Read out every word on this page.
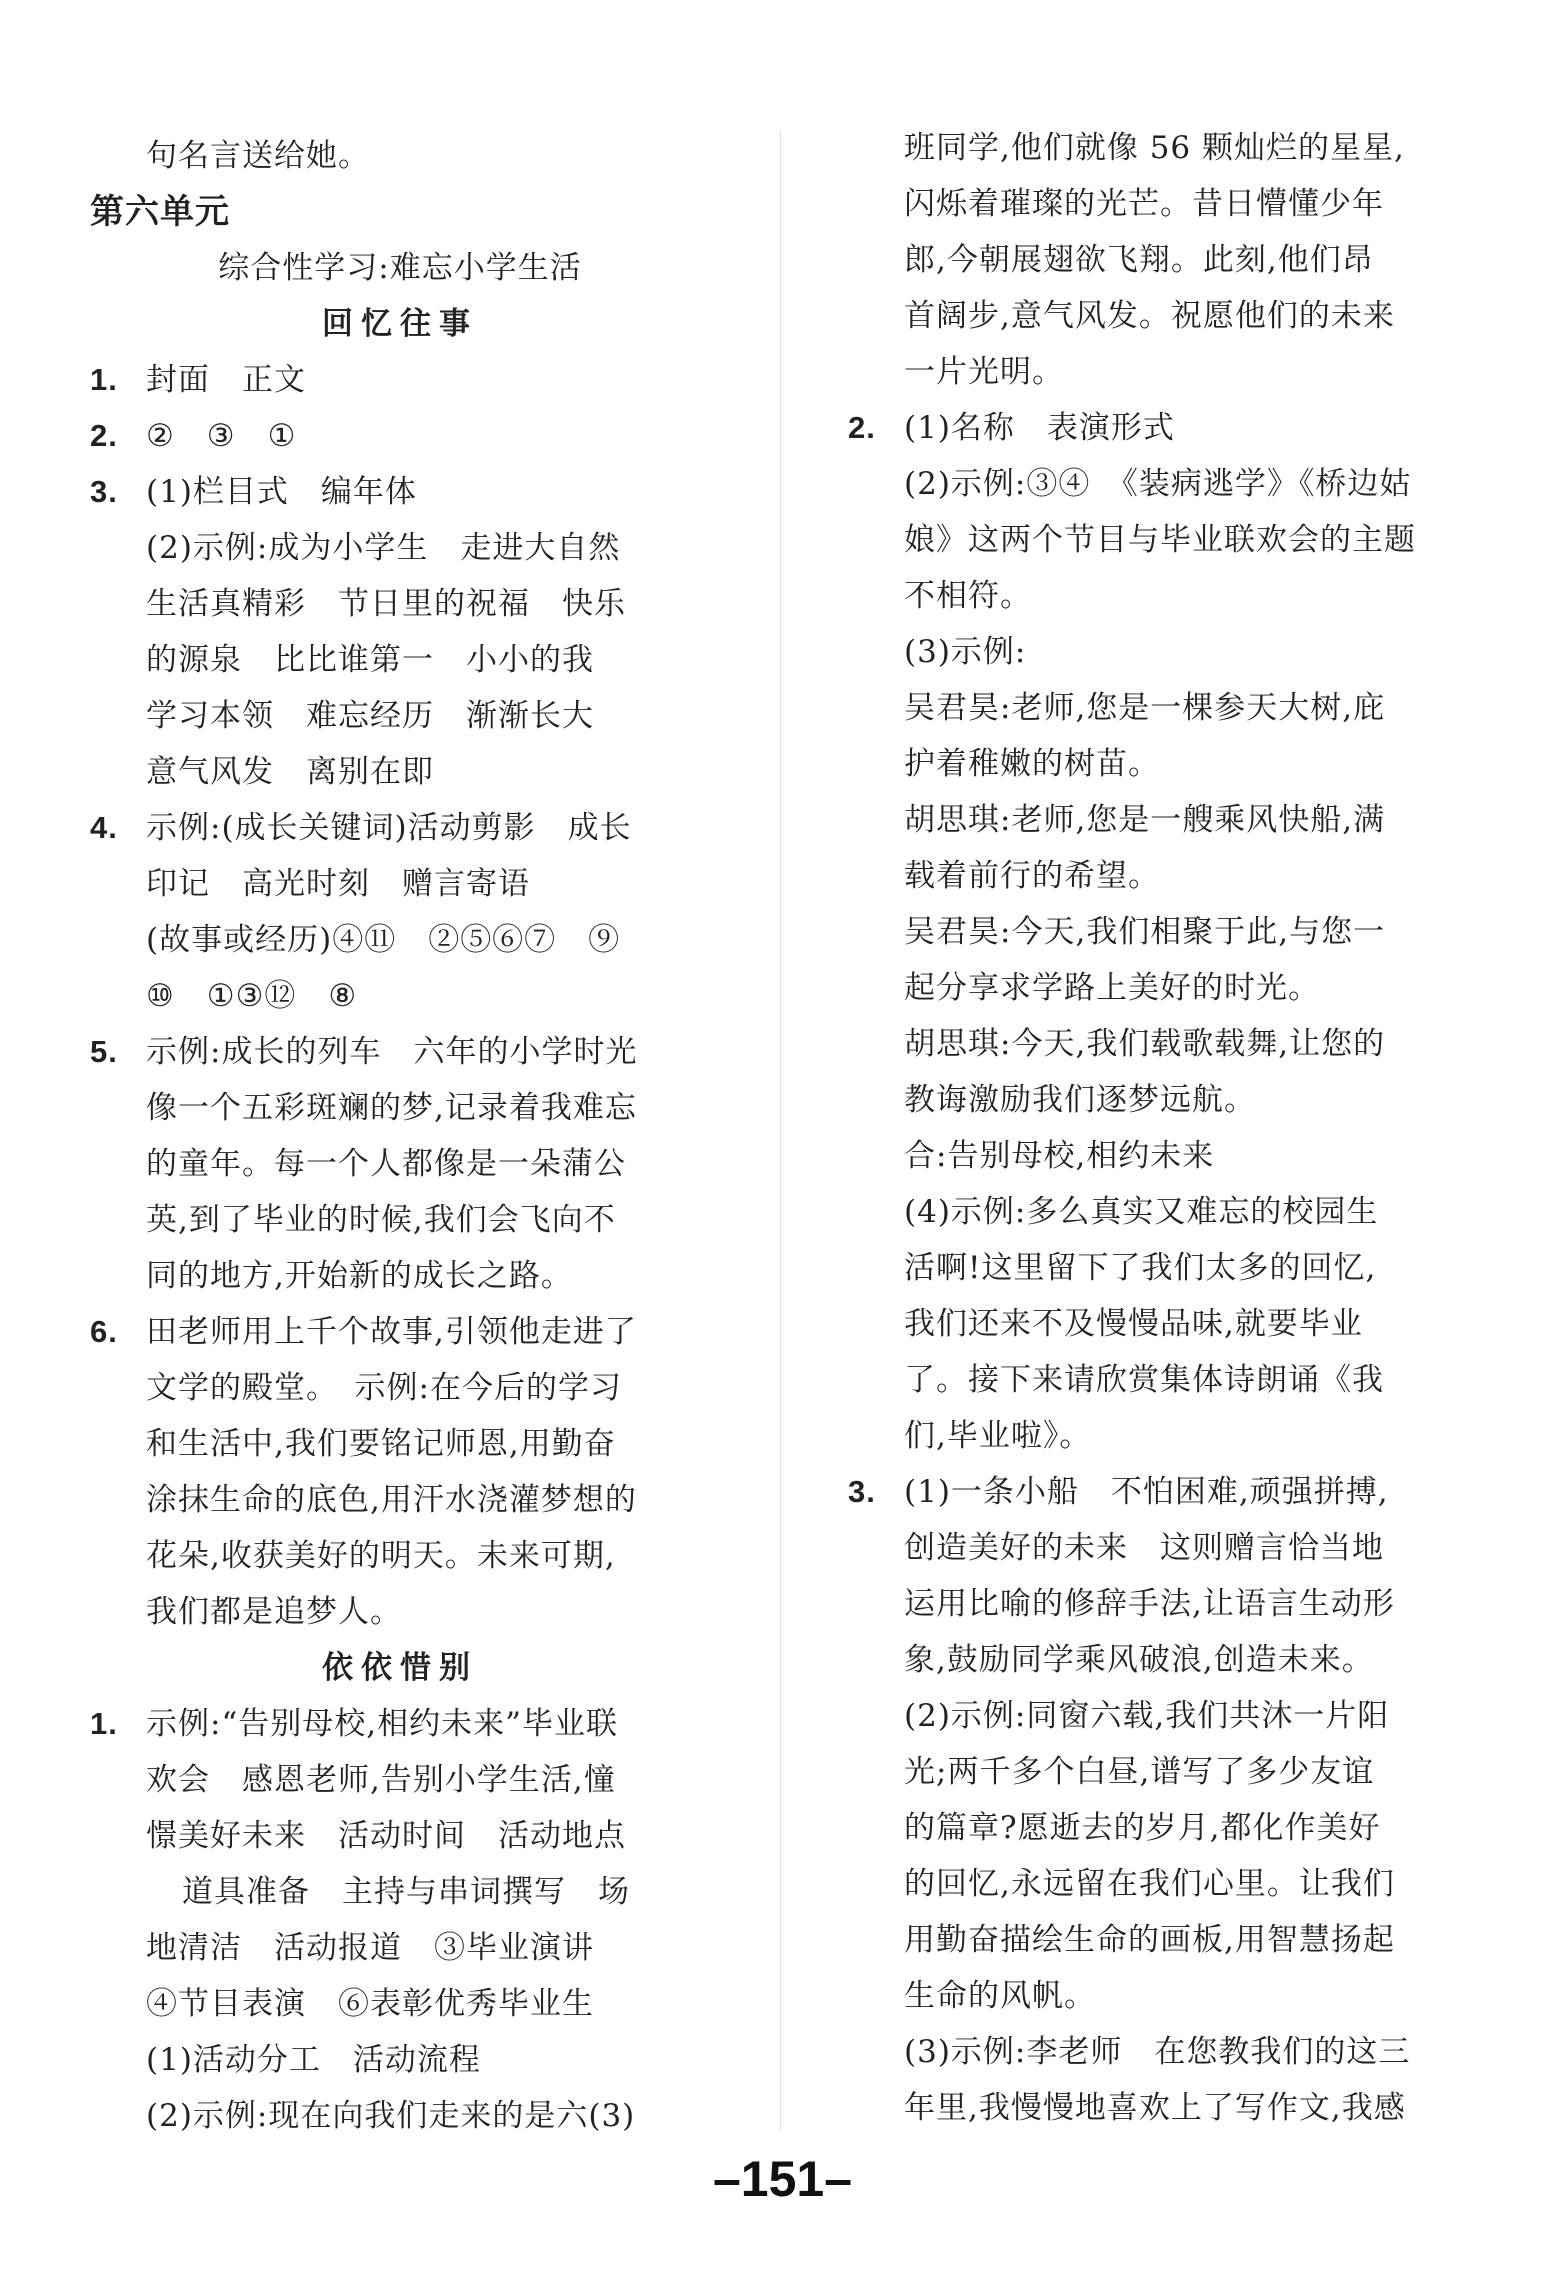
句名言送给她。
第六单元
综合性学习:难忘小学生活
回忆往事
1. 封面　正文
2. ②　③　①
3. (1)栏目式　编年体
(2)示例:成为小学生　走进大自然
生活真精彩　节日里的祝福　快乐
的源泉　比比谁第一　小小的我
学习本领　难忘经历　渐渐长大
意气风发　离别在即
4. 示例:(成长关键词)活动剪影　成长
印记　高光时刻　赠言寄语
(故事或经历)④⑪　②⑤⑥⑦　⑨
⑩　①③⑫　⑧
5. 示例:成长的列车　六年的小学时光
像一个五彩斑斓的梦,记录着我难忘
的童年。每一个人都像是一朵蒲公
英,到了毕业的时候,我们会飞向不
同的地方,开始新的成长之路。
6. 田老师用上千个故事,引领他走进了
文学的殿堂。　示例:在今后的学习
和生活中,我们要铭记师恩,用勤奋
涂抹生命的底色,用汗水浇灌梦想的
花朵,收获美好的明天。未来可期,
我们都是追梦人。
依依惜别
1. 示例:“告别母校,相约未来”毕业联
欢会　感恩老师,告别小学生活,憧
憬美好未来　活动时间　活动地点
道具准备　主持与串词撰写　场
地清洁　活动报道　③毕业演讲
④节目表演　⑥表彰优秀毕业生
(1)活动分工　活动流程
(2)示例:现在向我们走来的是六(3)
班同学,他们就像 56 颗灿烂的星星,
闪烁着璀璨的光芒。昔日懵懂少年
郎,今朝展翅欲飞翔。此刻,他们昂
首阔步,意气风发。祝愿他们的未来
一片光明。
2. (1)名称　表演形式
(2)示例:③④　《装病逃学》《桥边姑
娘》这两个节目与毕业联欢会的主题
不相符。
(3)示例:
吴君昊:老师,您是一棵参天大树,庇
护着稚嫩的树苗。
胡思琪:老师,您是一艘乘风快船,满
载着前行的希望。
吴君昊:今天,我们相聚于此,与您一
起分享求学路上美好的时光。
胡思琪:今天,我们载歌载舞,让您的
教诲激励我们逐梦远航。
合:告别母校,相约未来
(4)示例:多么真实又难忘的校园生
活啊!这里留下了我们太多的回忆,
我们还来不及慢慢品味,就要毕业
了。接下来请欣赏集体诗朗诵《我
们,毕业啦》。
3. (1)一条小船　不怕困难,顽强拼搏,
创造美好的未来　这则赠言恰当地
运用比喻的修辞手法,让语言生动形
象,鼓励同学乘风破浪,创造未来。
(2)示例:同窗六载,我们共沐一片阳
光;两千多个白昼,谱写了多少友谊
的篇章?愿逝去的岁月,都化作美好
的回忆,永远留在我们心里。让我们
用勤奋描绘生命的画板,用智慧扬起
生命的风帆。
(3)示例:李老师　在您教我们的这三
年里,我慢慢地喜欢上了写作文,我感
–151–
